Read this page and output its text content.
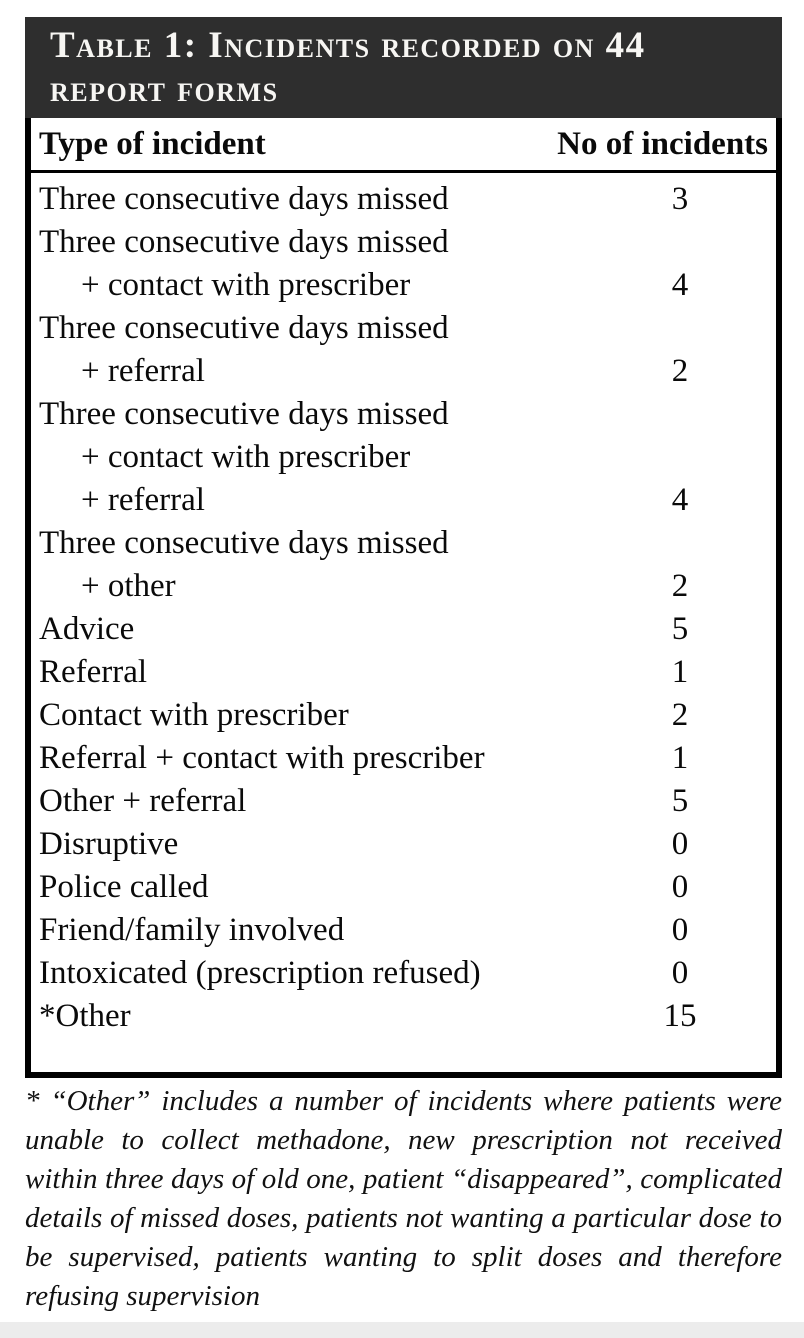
Table 1: Incidents recorded on 44
report forms
Type of incident	No of incidents
Three consecutive days missed	3
Three consecutive days missed
+ contact with prescriber	4
Three consecutive days missed
+ referral	2
Three consecutive days missed
+ contact with prescriber
+ referral	4
Three consecutive days missed
+ other	2
Advice	5
Referral	1
Contact with prescriber	2
Referral + contact with prescriber	1
Other + referral	5
Disruptive	0
Police called	0
Friend/family involved	0
Intoxicated (prescription refused)	0
*Other	15
* “Other” includes a number of incidents where patients were unable to collect methadone, new prescription not received within three days of old one, patient “disappeared”, complicated details of missed doses, patients not wanting a particular dose to be supervised, patients wanting to split doses and therefore refusing supervision
